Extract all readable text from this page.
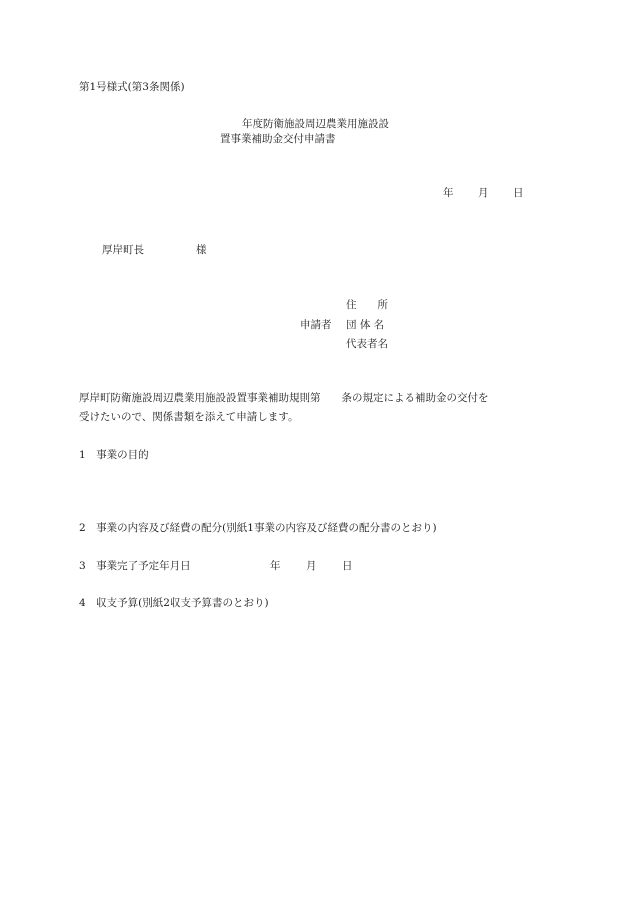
第1号様式(第3条関係)
年度防衛施設周辺農業用施設設
置事業補助金交付申請書
年 月 日
厚岸町長	様
住　　所
申請者 団 体 名
代表者名
厚岸町防衛施設周辺農業用施設設置事業補助規則第　　条の規定による補助金の交付を
受けたいので、関係書類を添えて申請します。
1　事業の目的
2　事業の内容及び経費の配分(別紙1事業の内容及び経費の配分書のとおり)
3　事業完了予定年月日	年 月 日
4　収支予算(別紙2収支予算書のとおり)
